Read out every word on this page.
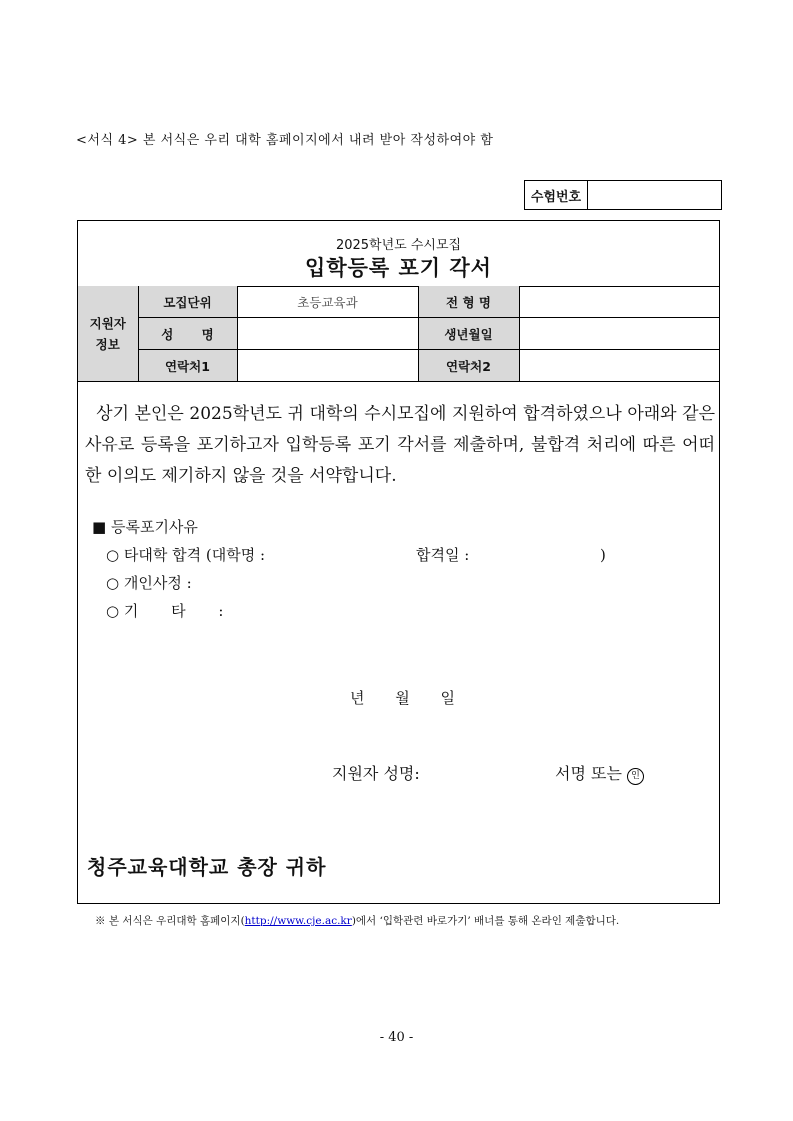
<서식 4> 본 서식은 우리 대학 홈페이지에서 내려 받아 작성하여야 함
수험번호
2025학년도 수시모집
입학등록 포기 각서
지원자 정보	모집단위	초등교육과	전 형 명	
	성 명		생년월일	
	연락처1		연락처2	
상기 본인은 2025학년도 귀 대학의 수시모집에 지원하여 합격하였으나 아래와 같은 사유로 등록을 포기하고자 입학등록 포기 각서를 제출하며, 불합격 처리에 따른 어떠한 이의도 제기하지 않을 것을 서약합니다.
■ 등록포기사유
○ 타대학 합격 (대학명 :	합격일 :	)
○ 개인사정 :
○ 기 타 :
년 월 일
지원자 성명:	서명 또는 인
청주교육대학교 총장 귀하
※ 본 서식은 우리대학 홈페이지(http://www.cje.ac.kr)에서 ‘입학관련 바로가기’ 배너를 통해 온라인 제출합니다.
- 40 -
